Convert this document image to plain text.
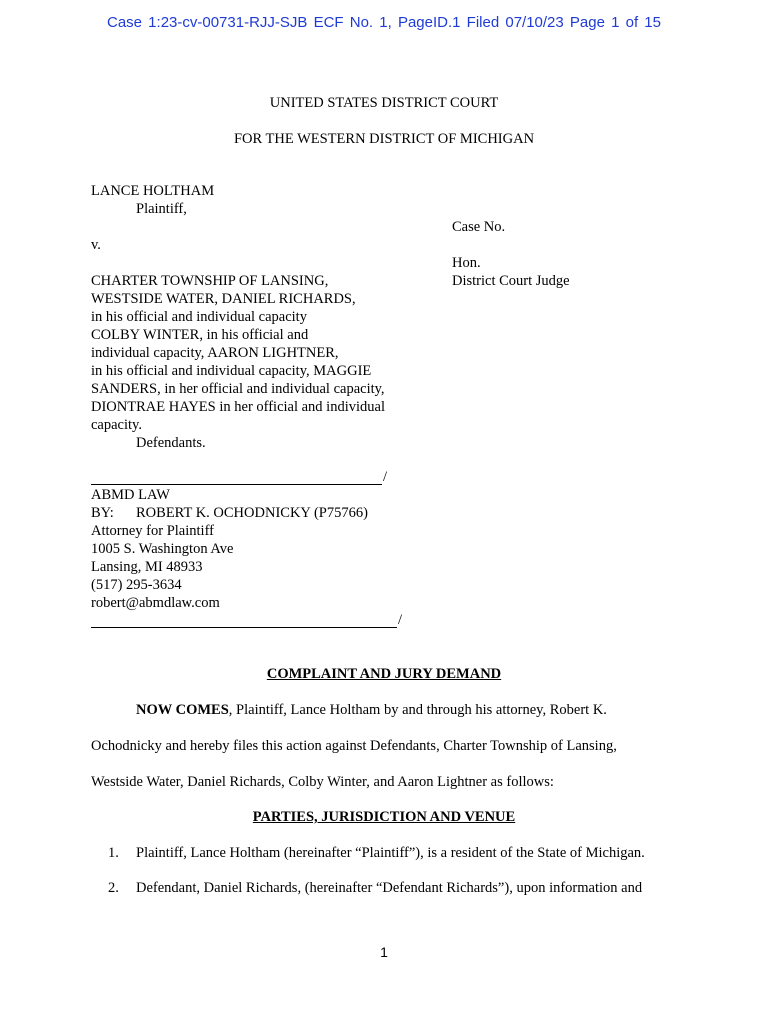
Case 1:23-cv-00731-RJJ-SJB ECF No. 1, PageID.1 Filed 07/10/23 Page 1 of 15
UNITED STATES DISTRICT COURT
FOR THE WESTERN DISTRICT OF MICHIGAN
LANCE HOLTHAM
Plaintiff,
v.
CHARTER TOWNSHIP OF LANSING,
WESTSIDE WATER, DANIEL RICHARDS,
in his official and individual capacity
COLBY WINTER, in his official and
individual capacity, AARON LIGHTNER,
in his official and individual capacity, MAGGIE
SANDERS, in her official and individual capacity,
DIONTRAE HAYES in her official and individual
capacity.
Defendants.
Case No.
Hon.
District Court Judge
/
ABMD LAW
BY: ROBERT K. OCHODNICKY (P75766)
Attorney for Plaintiff
1005 S. Washington Ave
Lansing, MI 48933
(517) 295-3634
robert@abmdlaw.com
/
COMPLAINT AND JURY DEMAND
NOW COMES, Plaintiff, Lance Holtham by and through his attorney, Robert K.
Ochodnicky and hereby files this action against Defendants, Charter Township of Lansing,
Westside Water, Daniel Richards, Colby Winter, and Aaron Lightner as follows:
PARTIES, JURISDICTION AND VENUE
1. Plaintiff, Lance Holtham (hereinafter “Plaintiff”), is a resident of the State of Michigan.
2. Defendant, Daniel Richards, (hereinafter “Defendant Richards”), upon information and
1
